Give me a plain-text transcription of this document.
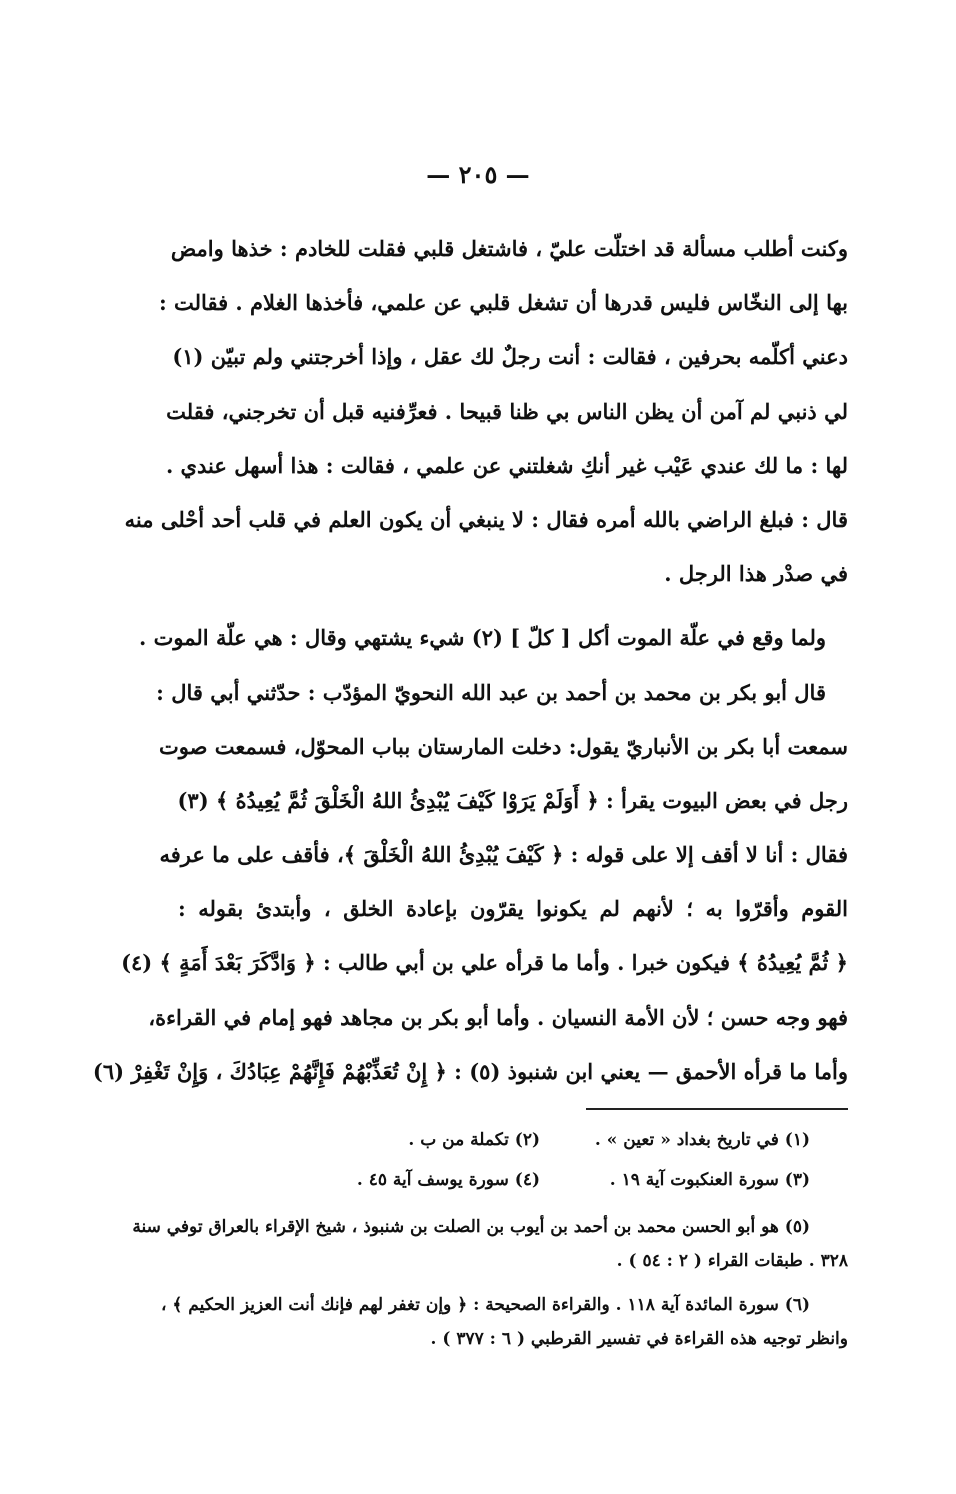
— ٢٠٥ —
وكنت أطلب مسألة قد اختلّت عليّ ، فاشتغل قلبي فقلت للخادم : خذها وامض
بها إلى النخّاس فليس قدرها أن تشغل قلبي عن علمي، فأخذها الغلام . فقالت :
دعني أكلّمه بحرفين ، فقالت : أنت رجلٌ لك عقل ، وإذا أخرجتني ولم تبيّن (١)
لي ذنبي لم آمن أن يظن الناس بي ظنا قبيحا . فعرِّفنيه قبل أن تخرجني، فقلت
لها : ما لك عندي عَيْب غير أنكِ شغلتني عن علمي ، فقالت : هذا أسهل عندي .
قال : فبلغ الراضي بالله أمره فقال : لا ينبغي أن يكون العلم في قلب أحد أحْلى منه
في صدْر هذا الرجل .
ولما وقع في علّة الموت أكل [ كلّ ] (٢) شيء يشتهي وقال : هي علّة الموت .
قال أبو بكر بن محمد بن أحمد بن عبد الله النحويّ المؤدّب : حدّثني أبي قال :
سمعت أبا بكر بن الأنباريّ يقول: دخلت المارستان بباب المحوّل، فسمعت صوت
رجل في بعض البيوت يقرأ : ﴿ أَوَلَمْ يَرَوْا كَيْفَ يُبْدِئُ اللهُ الْخَلْقَ ثُمَّ يُعِيدُهُ ﴾ (٣)
فقال : أنا لا أقف إلا على قوله : ﴿ كَيْفَ يُبْدِئُ اللهُ الْخَلْقَ ﴾، فأقف على ما عرفه
القوم وأقرّوا به ؛ لأنهم لم يكونوا يقرّون بإعادة الخلق ، وأبتدئ بقوله :
﴿ ثُمَّ يُعِيدُهُ ﴾ فيكون خبرا . وأما ما قرأه علي بن أبي طالب : ﴿ وَادَّكَرَ بَعْدَ أَمَةٍ ﴾ (٤)
فهو وجه حسن ؛ لأن الأمة النسيان . وأما أبو بكر بن مجاهد فهو إمام في القراءة،
وأما ما قرأه الأحمق — يعني ابن شنبوذ (٥) : ﴿ إِنْ تُعَذِّبْهُمْ فَإِنَّهُمْ عِبَادُكَ ، وَإِنْ تَغْفِرْ (٦)
(١) في تاريخ بغداد « تعين » .
(٢) تكملة من ب .
(٣) سورة العنكبوت آية ١٩ .
(٤) سورة يوسف آية ٤٥ .
(٥) هو أبو الحسن محمد بن أحمد بن أيوب بن الصلت بن شنبوذ ، شيخ الإقراء بالعراق توفي سنة
٣٢٨ . طبقات القراء ( ٢ : ٥٤ ) .
(٦) سورة المائدة آية ١١٨ . والقراءة الصحيحة : ﴿ وإن تغفر لهم فإنك أنت العزيز الحكيم ﴾ ،
وانظر توجيه هذه القراءة في تفسير القرطبي ( ٦ : ٣٧٧ ) .
